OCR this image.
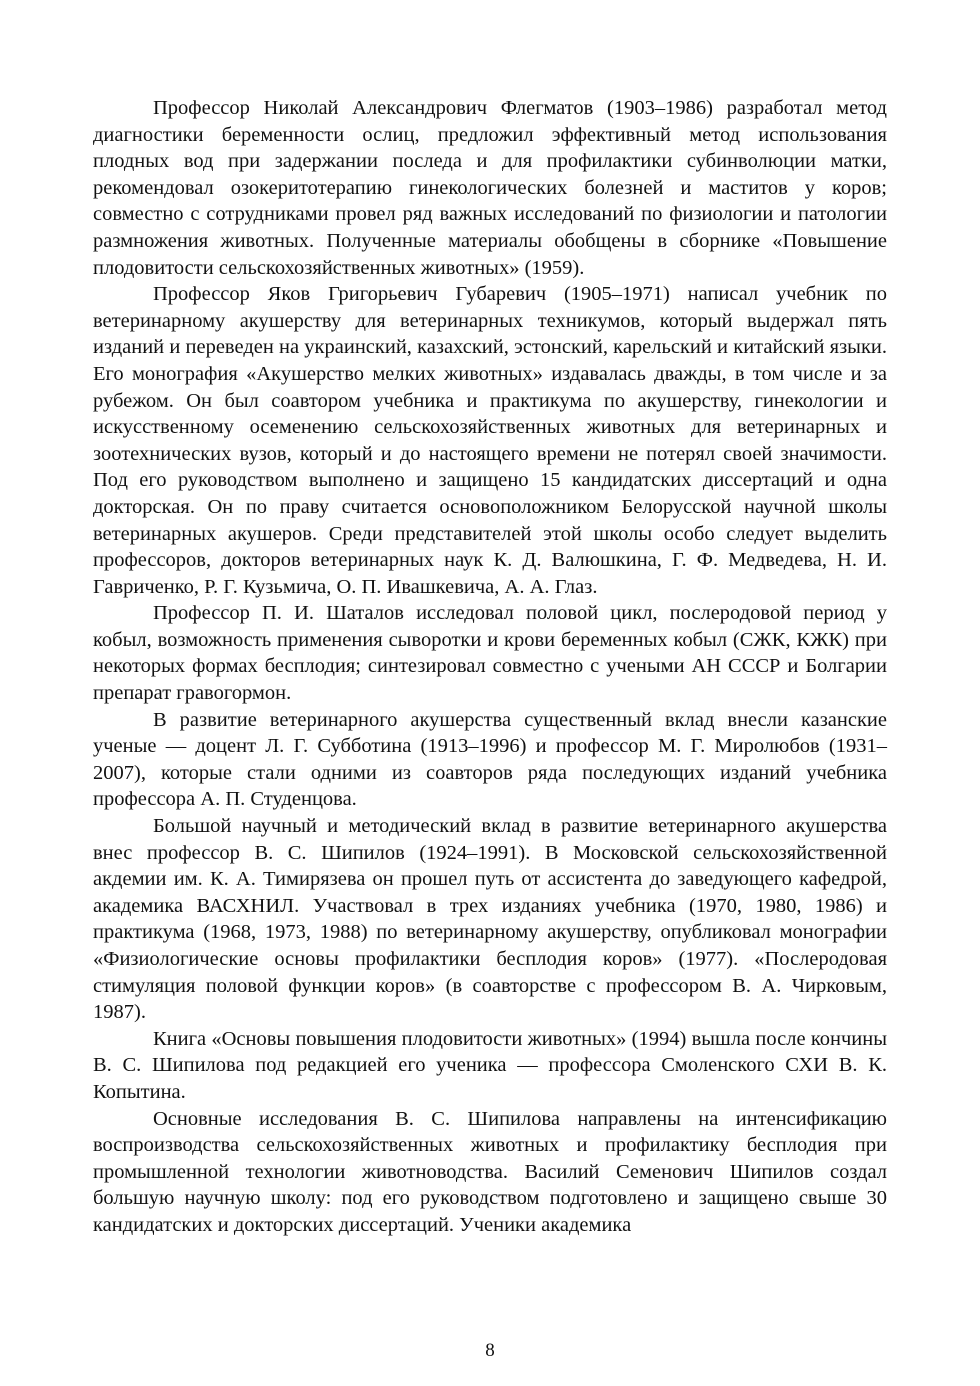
Профессор Николай Александрович Флегматов (1903–1986) разработал метод диагностики беременности ослиц, предложил эффективный метод использования плодных вод при задержании последа и для профилактики субинволюции матки, рекомендовал озокеритотерапию гинекологических болезней и маститов у коров; совместно с сотрудниками провел ряд важных исследований по физиологии и патологии размножения животных. Полученные материалы обобщены в сборнике «Повышение плодовитости сельскохозяйственных животных» (1959).

Профессор Яков Григорьевич Губаревич (1905–1971) написал учебник по ветеринарному акушерству для ветеринарных техникумов, который выдержал пять изданий и переведен на украинский, казахский, эстонский, карельский и китайский языки. Его монография «Акушерство мелких животных» издавалась дважды, в том числе и за рубежом. Он был соавтором учебника и практикума по акушерству, гинекологии и искусственному осеменению сельскохозяйственных животных для ветеринарных и зоотехнических вузов, который и до настоящего времени не потерял своей значимости. Под его руководством выполнено и защищено 15 кандидатских диссертаций и одна докторская. Он по праву считается основоположником Белорусской научной школы ветеринарных акушеров. Среди представителей этой школы особо следует выделить профессоров, докторов ветеринарных наук К. Д. Валюшкина, Г. Ф. Медведева, Н. И. Гавриченко, Р. Г. Кузьмича, О. П. Ивашкевича, А. А. Глаз.

Профессор П. И. Шаталов исследовал половой цикл, послеродовой период у кобыл, возможность применения сыворотки и крови беременных кобыл (СЖК, КЖК) при некоторых формах бесплодия; синтезировал совместно с учеными АН СССР и Болгарии препарат гравогормон.

В развитие ветеринарного акушерства существенный вклад внесли казанские ученые — доцент Л. Г. Субботина (1913–1996) и профессор М. Г. Миролюбов (1931–2007), которые стали одними из соавторов ряда последующих изданий учебника профессора А. П. Студенцова.

Большой научный и методический вклад в развитие ветеринарного акушерства внес профессор В. С. Шипилов (1924–1991). В Московской сельскохозяйственной акдемии им. К. А. Тимирязева он прошел путь от ассистента до заведующего кафедрой, академика ВАСХНИЛ. Участвовал в трех изданиях учебника (1970, 1980, 1986) и практикума (1968, 1973, 1988) по ветеринарному акушерству, опубликовал монографии «Физиологические основы профилактики бесплодия коров» (1977). «Послеродовая стимуляция половой функции коров» (в соавторстве с профессором В. А. Чирковым, 1987).

Книга «Основы повышения плодовитости животных» (1994) вышла после кончины В. С. Шипилова под редакцией его ученика — профессора Смоленского СХИ В. К. Копытина.

Основные исследования В. С. Шипилова направлены на интенсификацию воспроизводства сельскохозяйственных животных и профилактику бесплодия при промышленной технологии животноводства. Василий Семенович Шипилов создал большую научную школу: под его руководством подготовлено и защищено свыше 30 кандидатских и докторских диссертаций. Ученики академика

8
